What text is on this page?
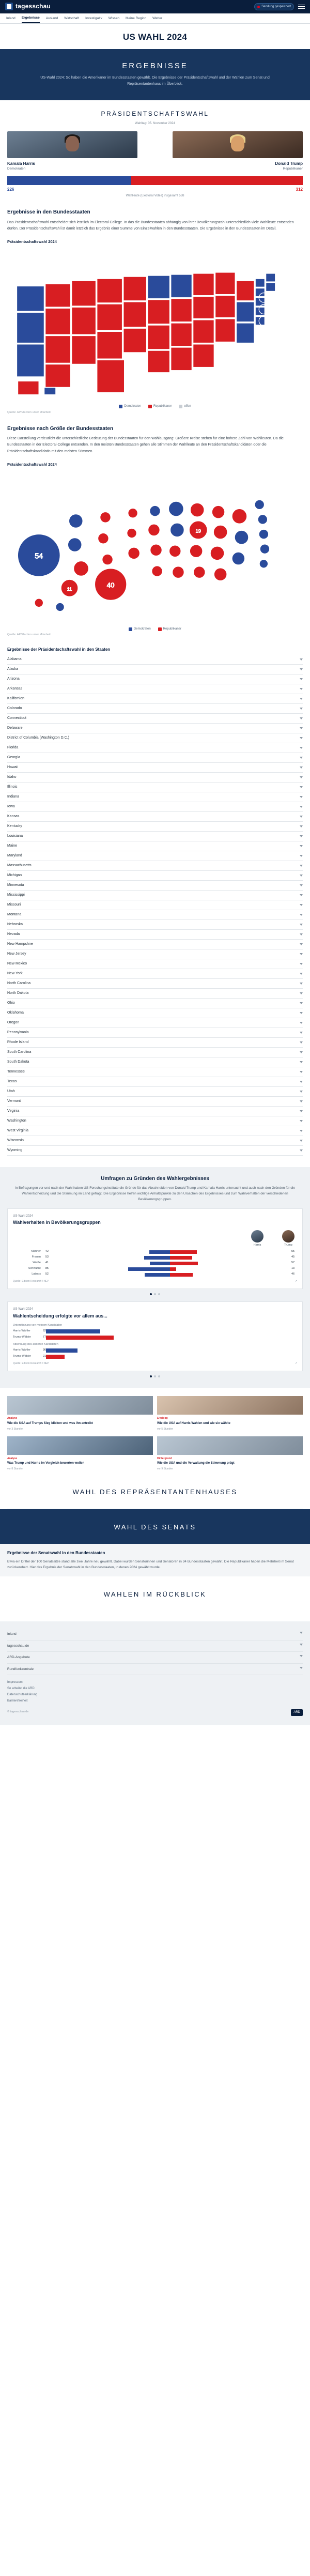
tagesschau	Sendung gespeichert
Inland Ergebnisse Ausland Wirtschaft Investigativ Wissen Meine Region Wetter
US WAHL 2024
ERGEBNISSE

US-Wahl 2024: So haben die Amerikaner im Bundesstaaten gewählt. Die Ergebnisse der Präsidentschaftswahl und der Wahlen zum Senat und Repräsentantenhaus im Überblick.

PRÄSIDENTSCHAFTSWAHL
Wahltag: 05. November 2024
Kamala Harris
Demokraten
Donald Trump
Republikaner
226	312
Wahlleute (Electoral Votes) insgesamt 538
Ergebnisse in den Bundesstaaten
Das Präsidentschaftswahl entscheidet sich letztlich im Electoral College. In das die Bundesstaaten abhängig von ihrer Bevölkerungszahl unterschiedlich viele Wahlleute entsenden dürfen. Der Präsidentschaftswahl ist damit letztlich das Ergebnis einer Summe von Einzelwahlen in den Bundesstaaten. Die Ergebnisse in den Bundesstaaten im Detail.
Präsidentschaftswahl 2024
Demokraten	Republikaner	offen
Quelle: AP/Election unter Mitarbeit
Ergebnisse nach Größe der Bundesstaaten
Diese Darstellung verdeutlicht die unterschiedliche Bedeutung der Bundesstaaten für den Wahlausgang: Größere Kreise stehen für eine höhere Zahl von Wahlleuten. Da die Bundesstaaten in der Electoral-College entsenden. In den meisten Bundesstaaten gehen alle Stimmen der Wahlleute an den Präsidentschaftskandidaten oder die Präsidentschaftskandidatin mit den meisten Stimmen.
Präsidentschaftswahl 2024
54
11
40
19
Demokraten	Republikaner
Quelle: AP/Election unter Mitarbeit
Ergebnisse der Präsidentschaftswahl in den Staaten
Alabama
Alaska
Arizona
Arkansas
Kalifornien
Colorado
Connecticut
Delaware
District of Columbia (Washington D.C.)
Florida
Georgia
Hawaii
Idaho
Illinois
Indiana
Iowa
Kansas
Kentucky
Louisiana
Maine
Maryland
Massachusetts
Michigan
Minnesota
Mississippi
Missouri
Montana
Nebraska
Nevada
New Hampshire
New Jersey
New Mexico
New York
North Carolina
North Dakota
Ohio
Oklahoma
Oregon
Pennsylvania
Rhode Island
South Carolina
South Dakota
Tennessee
Texas
Utah
Vermont
Virginia
Washington
West Virginia
Wisconsin
Wyoming
Umfragen zu Gründen des Wahlergebnisses

In Befragungen vor und nach der Wahl haben US-Forschungsinstitute die Gründe für das Abschneiden von Donald Trump und Kamala Harris untersucht und auch nach den Gründen für die Wahlentscheidung und die Stimmung im Land gefragt. Die Ergebnisse helfen wichtige Anhaltspunkte zu den Ursachen des Ergebnisses und zum Wahlverhalten der verschiedenen Bevölkerungsgruppen.

US-Wahl 2024
Wahlverhalten in Bevölkerungsgruppen
Harris	Trump
Männer	42	55
Frauen	53	45
Weiße	41	57
Schwarze	85	13
Latinos	52	46
Quelle: Edison Research / NEP	↗
US-Wahl 2024
Wahlentscheidung erfolgte vor allem aus...
Unterstützung von meinem Kandidaten
Harris-Wähler	62
Trump-Wähler	77
Ablehnung des anderen Kandidaten
Harris-Wähler	36
Trump-Wähler	21
Quelle: Edison Research / NEP	↗
Analyse
Wie die USA auf Trumps Sieg blicken und was ihn antreibt
vor 3 Stunden
Liveblog
Wie die USA auf Harris Wahlen und wie sie wählte
vor 5 Stunden
Analyse
Was Trump und Harris im Vergleich bewerten wollen
vor 8 Stunden
Hintergrund
Wie die USA und die Verwaltung die Stimmung prägt
vor 9 Stunden
WAHL DES REPRÄSENTANTENHAUSES
WAHL DES SENATS
Ergebnisse der Senatswahl in den Bundesstaaten

Etwa ein Drittel der 100 Senatssitze stand alle zwei Jahre neu gewählt. Dabei wurden Senatorinnen und Senatoren in 34 Bundesstaaten gewählt. Die Republikaner haben die Mehrheit im Senat zurückerobert. Hier das Ergebnis der Senatswahl in den Bundesstaaten, in denen 2024 gewählt wurde.

WAHLEN IM RÜCKBLICK
Inland
tagesschau.de
ARD-Angebote
Rundfunkzentrale
Impressum
So arbeitet die ARD
Datenschutzerklärung
Barrierefreiheit
© tagesschau.de	ARD
